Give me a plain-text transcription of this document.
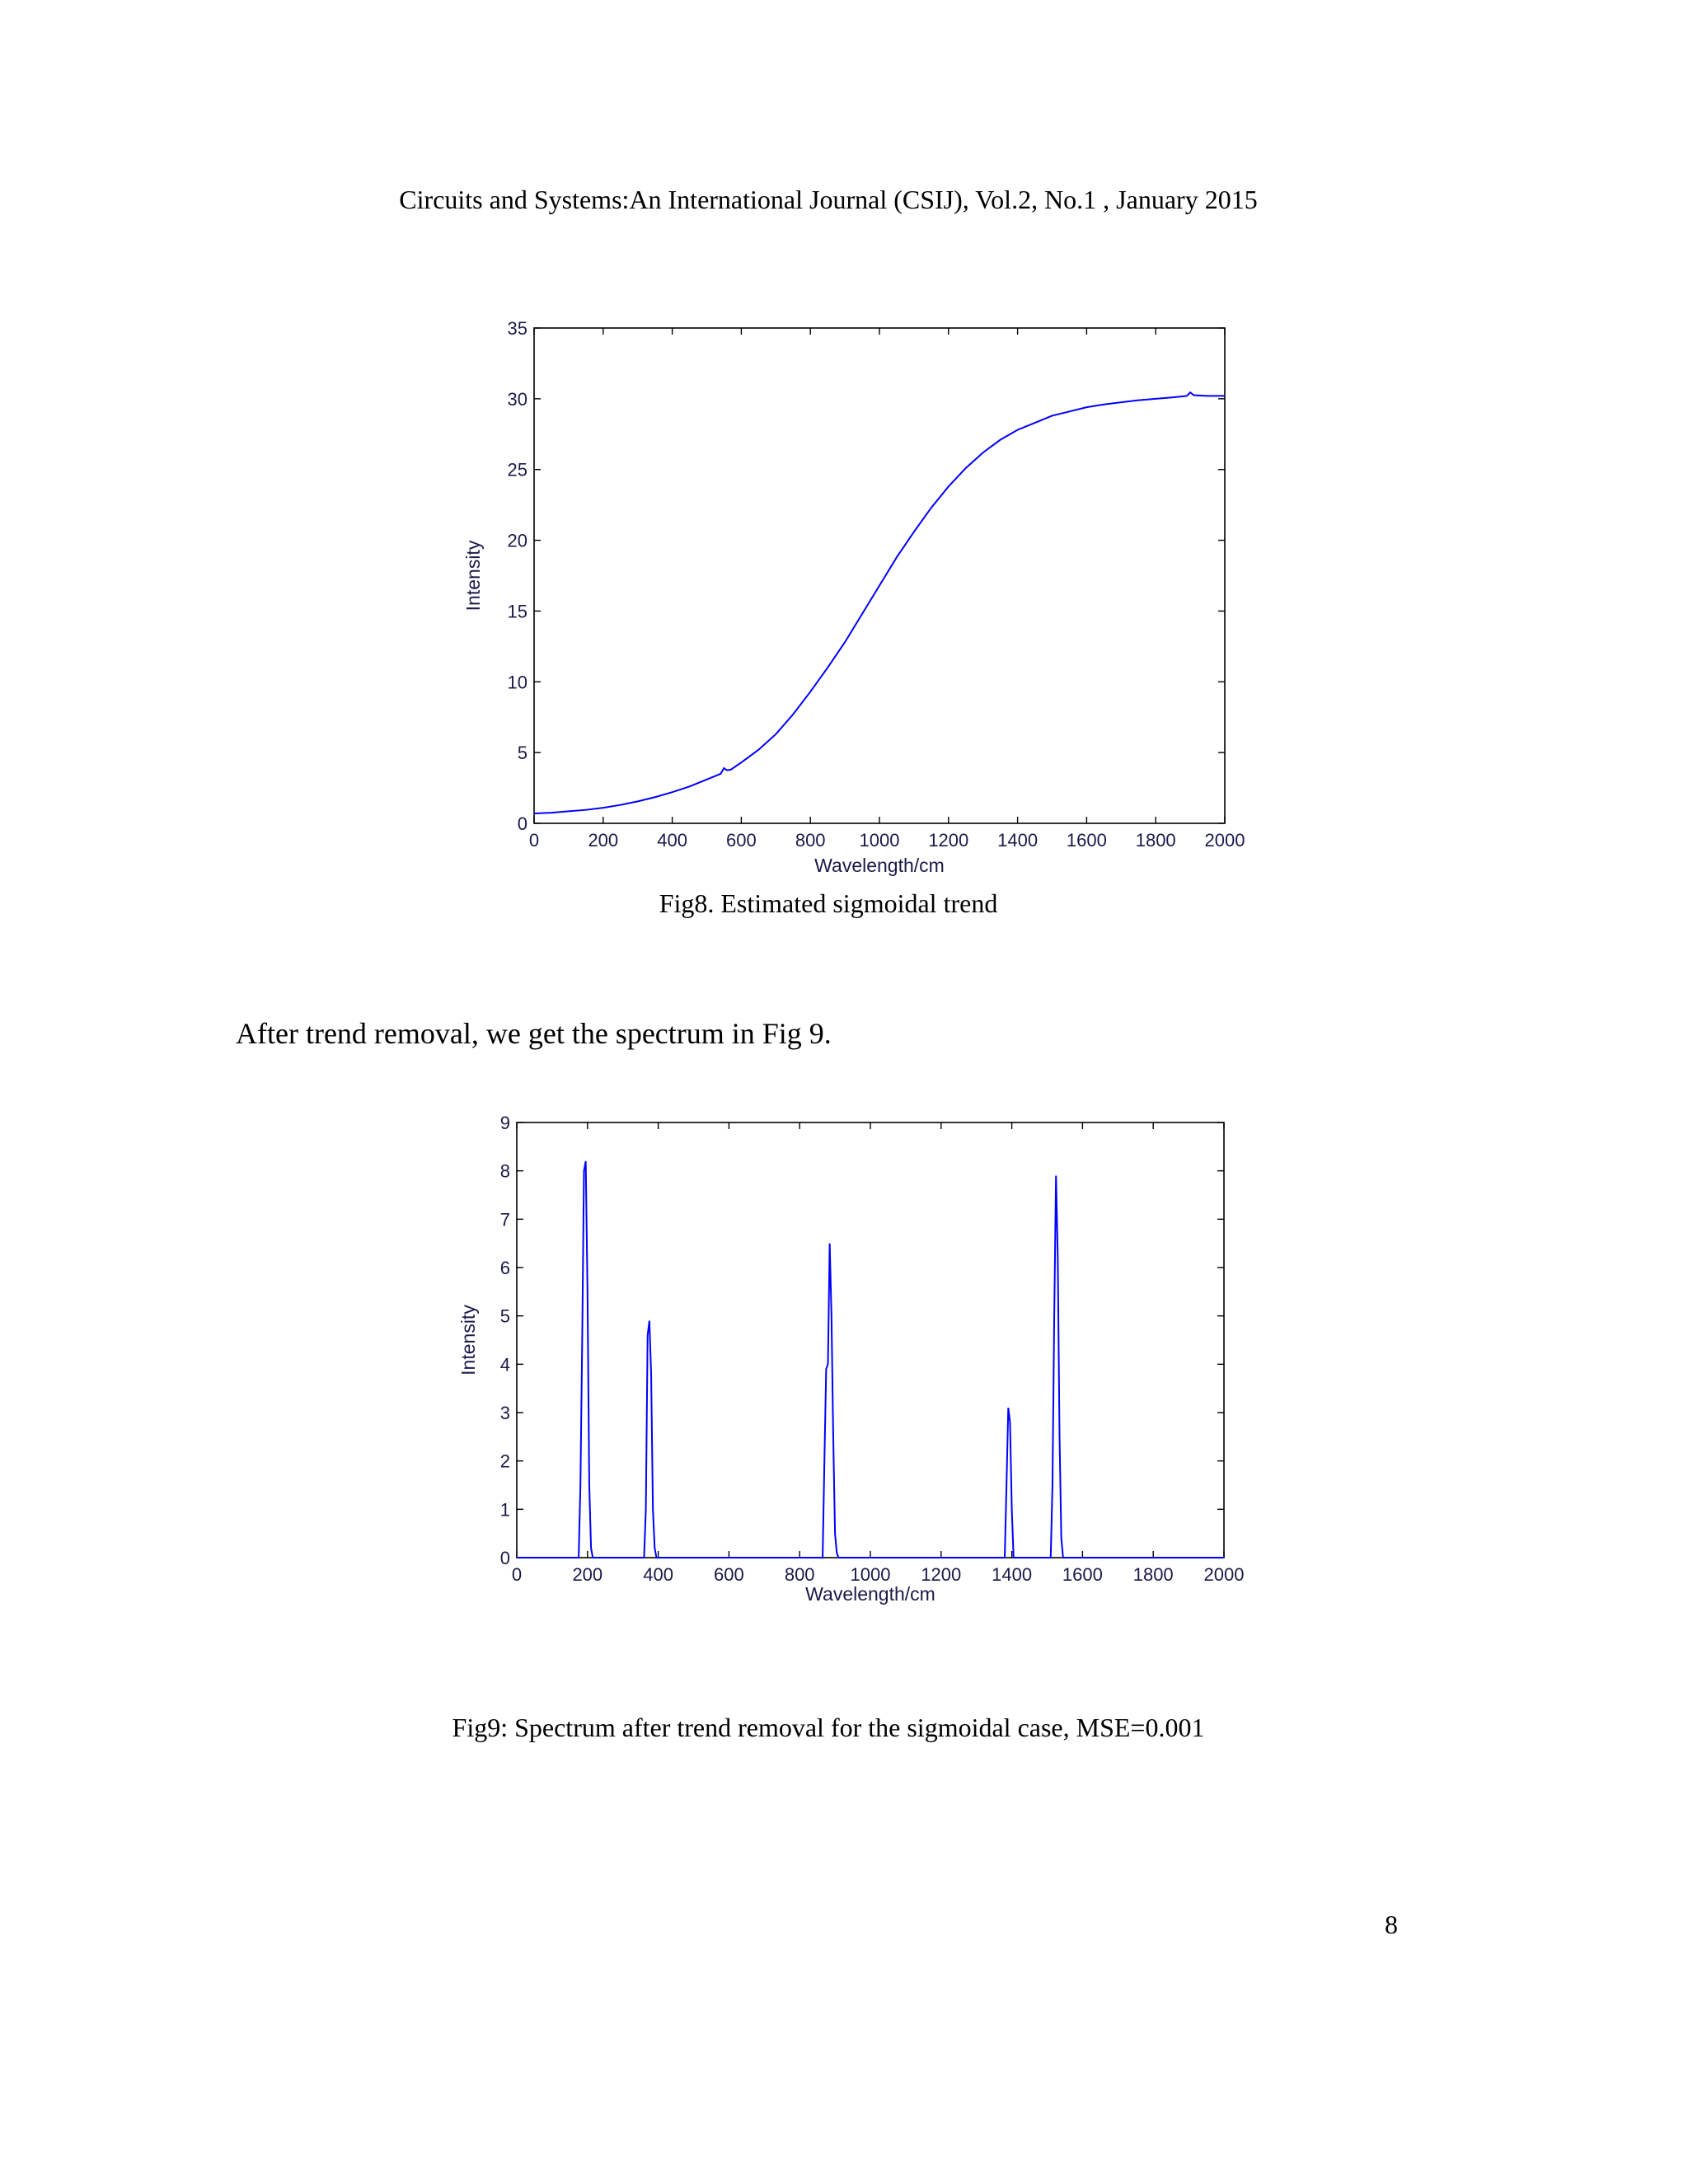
Circuits and Systems:An International Journal (CSIJ), Vol.2, No.1 , January 2015
0	200 400 600 800 1000 1200 1400 1600 1800 2000
0
5
10
15
20
25
30
35
Wavelength/cm
Intensity
Fig8. Estimated sigmoidal trend
After trend removal, we get the spectrum in Fig 9.
0	200 400 600 800 1000 1200 1400 1600 1800 2000
0
1
2
3
4
5
6
7
8
9
Wavelength/cm
Intensity
Fig9: Spectrum after trend removal for the sigmoidal case, MSE=0.001
8
